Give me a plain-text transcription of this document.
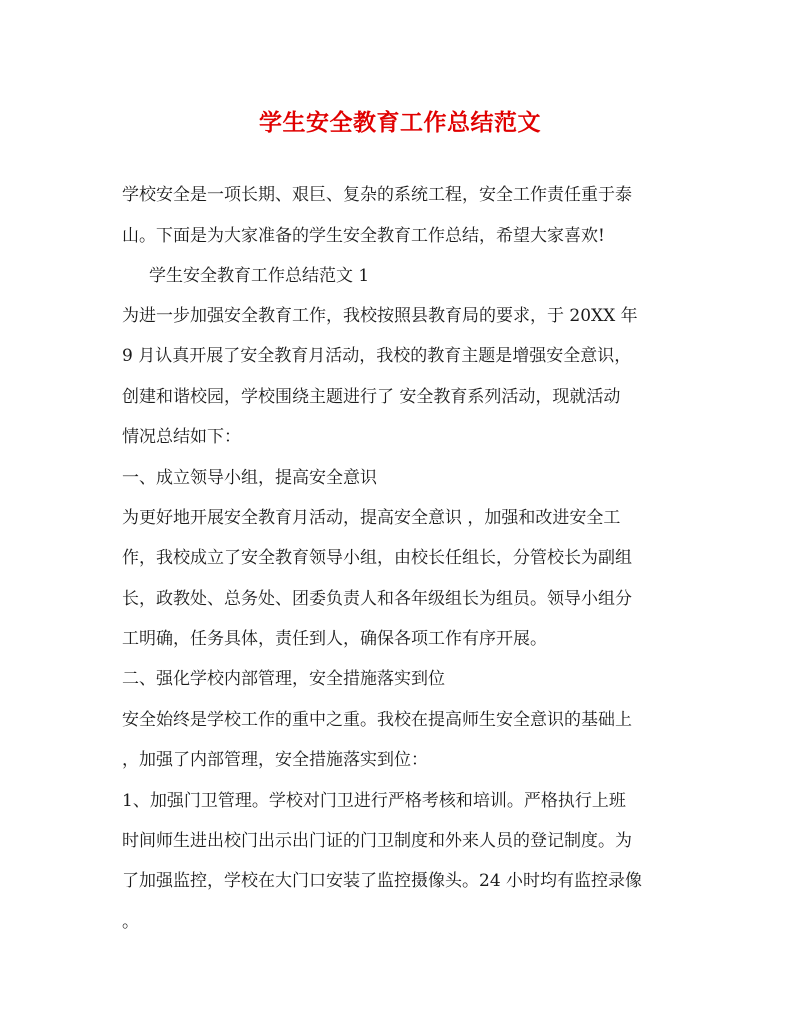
学生安全教育工作总结范文

学校安全是一项长期、艰巨、复杂的系统工程，安全工作责任重于泰

山。下面是为大家准备的学生安全教育工作总结，希望大家喜欢!

学生安全教育工作总结范文 1

为进一步加强安全教育工作，我校按照县教育局的要求，于 20XX 年

9 月认真开展了安全教育月活动，我校的教育主题是增强安全意识，

创建和谐校园，学校围绕主题进行了 安全教育系列活动，现就活动

情况总结如下：

一、成立领导小组，提高安全意识

为更好地开展安全教育月活动，提高安全意识 ，加强和改进安全工

作，我校成立了安全教育领导小组，由校长任组长，分管校长为副组

长，政教处、总务处、团委负责人和各年级组长为组员。领导小组分

工明确，任务具体，责任到人，确保各项工作有序开展。

二、强化学校内部管理，安全措施落实到位

安全始终是学校工作的重中之重。我校在提高师生安全意识的基础上

，加强了内部管理，安全措施落实到位：

1、加强门卫管理。学校对门卫进行严格考核和培训。严格执行上班

时间师生进出校门出示出门证的门卫制度和外来人员的登记制度。为

了加强监控，学校在大门口安装了监控摄像头。24 小时均有监控录像

。
